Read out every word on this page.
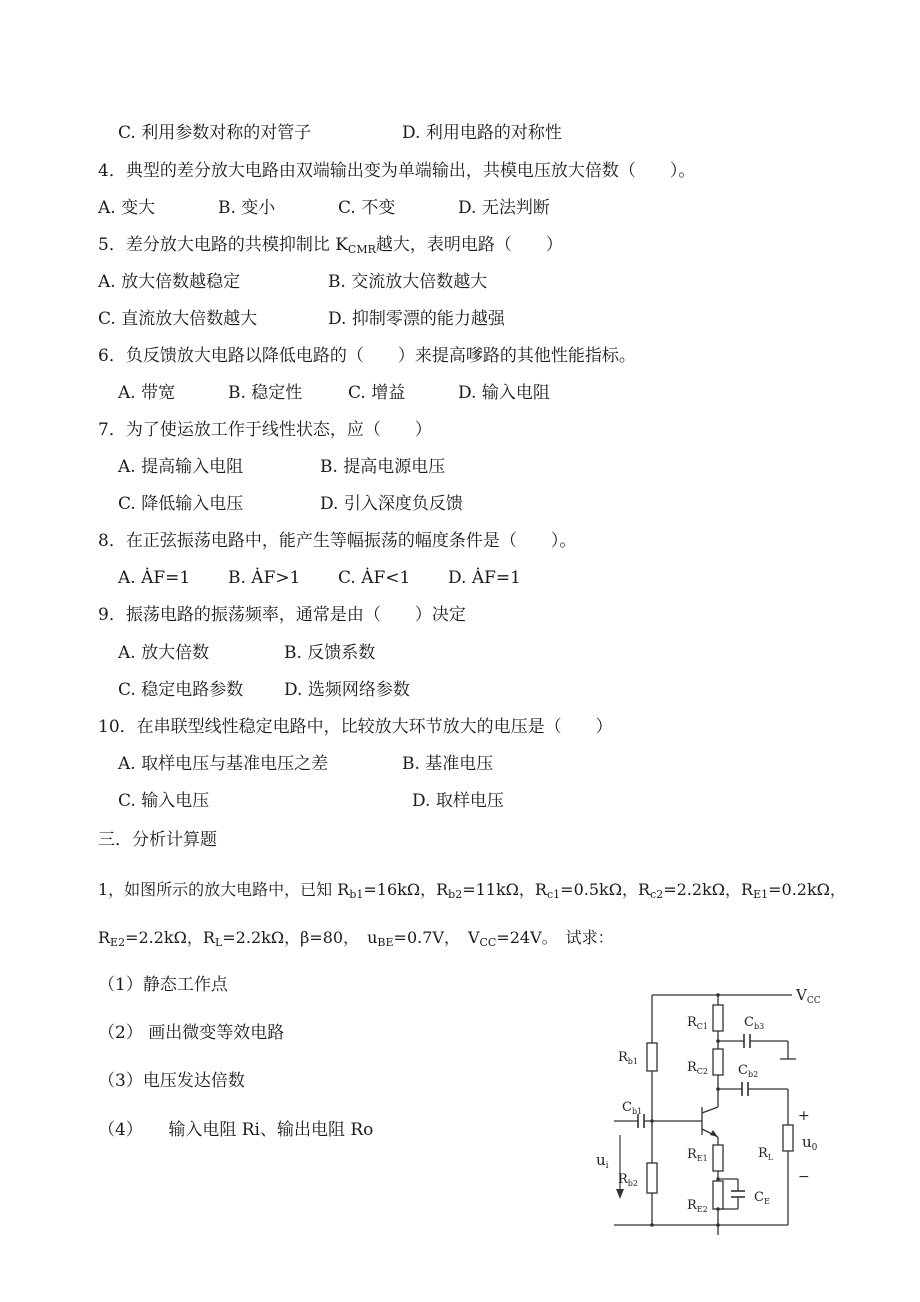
C. 利用参数对称的对管子	D. 利用电路的对称性
4．典型的差分放大电路由双端输出变为单端输出，共模电压放大倍数（　　）。
A. 变大	B. 变小	C. 不变	D. 无法判断
5．差分放大电路的共模抑制比 $K_{CMR}$越大，表明电路（　　）
A. 放大倍数越稳定	B. 交流放大倍数越大
C. 直流放大倍数越大	D. 抑制零漂的能力越强
6．负反馈放大电路以降低电路的（　　）来提高嗲路的其他性能指标。
A. 带宽	B. 稳定性	C. 增益	D. 输入电阻
7．为了使运放工作于线性状态，应（　　）
A. 提高输入电阻	B. 提高电源电压
C. 降低输入电压	D. 引入深度负反馈
8．在正弦振荡电路中，能产生等幅振荡的幅度条件是（　　）。
A. ȦF=1 B. ȦF>1 C. ȦF<1 D. ȦF=1
9．振荡电路的振荡频率，通常是由（　　）决定
A. 放大倍数	B. 反馈系数
C. 稳定电路参数 D. 选频网络参数
10．在串联型线性稳定电路中，比较放大环节放大的电压是（　　）
A. 取样电压与基准电压之差	B. 基准电压
C. 输入电压	D. 取样电压
三．分析计算题
1，如图所示的放大电路中，已知 $R_{b1}=16k\Omega$，$R_{b2}=11k\Omega$，$R_{c1}=0.5k\Omega$，$R_{c2}=2.2k\Omega$，$R_{E1}=0.2k\Omega$，
$R_{E2}=2.2k\Omega$，$R_L=2.2k\Omega$，β=80，　$u_{BE}=0.7V$，　$V_{CC}=24V$。　试求：
（1）静态工作点
（2） 画出微变等效电路
（3）电压发达倍数
（4）　　输入电阻 Ri、输出电阻 Ro
$V_{CC}$
$R_{C1}$	$C_{b3}$
$R_{C2}$ $C_{b2}$
$R_{b1}$
$C_{b1}$
$R_{E1}$	$R_L$
$u_i$
$R_{b2}$
$C_E$
$R_{E2}$
$u_0$
+
−
